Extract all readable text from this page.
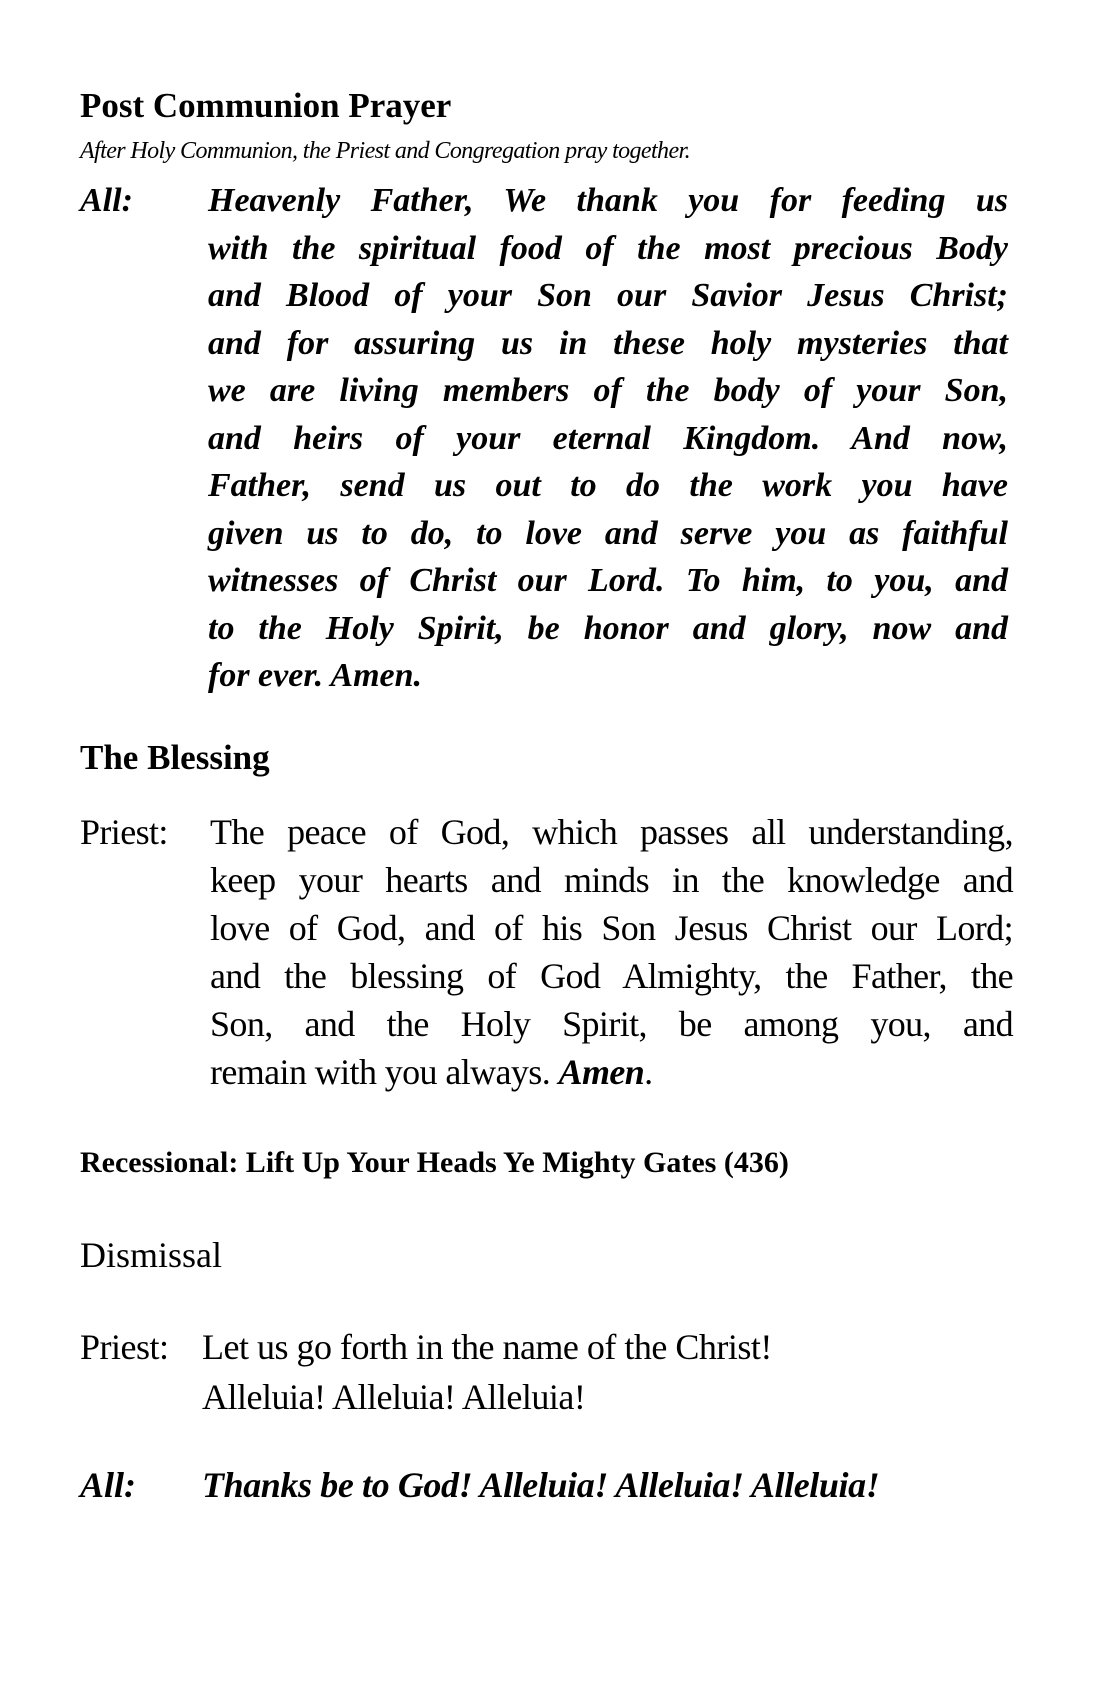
Post Communion Prayer
After Holy Communion, the Priest and Congregation pray together.
All: Heavenly Father, We thank you for feeding us
with the spiritual food of the most precious Body
and Blood of your Son our Savior Jesus Christ;
and for assuring us in these holy mysteries that
we are living members of the body of your Son,
and heirs of your eternal Kingdom. And now,
Father, send us out to do the work you have
given us to do, to love and serve you as faithful
witnesses of Christ our Lord. To him, to you, and
to the Holy Spirit, be honor and glory, now and
for ever. Amen.
The Blessing
Priest: The peace of God, which passes all understanding,
keep your hearts and minds in the knowledge and
love of God, and of his Son Jesus Christ our Lord;
and the blessing of God Almighty, the Father, the
Son, and the Holy Spirit, be among you, and
remain with you always. Amen.
Recessional: Lift Up Your Heads Ye Mighty Gates (436)
Dismissal
Priest: Let us go forth in the name of the Christ!
Alleluia! Alleluia! Alleluia!
All: Thanks be to God! Alleluia! Alleluia! Alleluia!
